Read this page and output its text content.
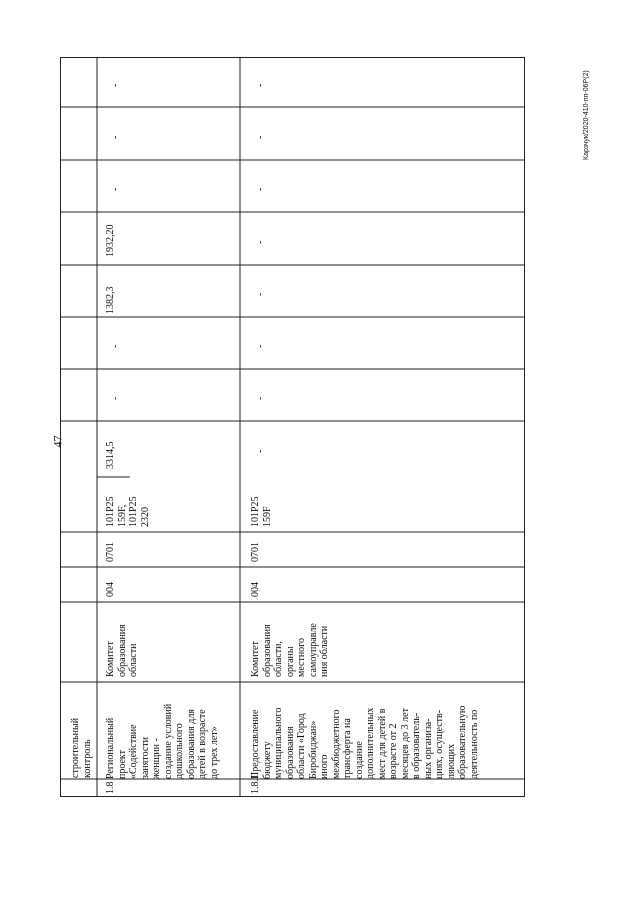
47
Карзчук/2020-410-пп-06Р(2)
строительный контроль
1.8
Региональный проект «Содействие занятости женщин - создание условий дошкольного образования для детей в возрасте до трех лет»
Комитет образования области
004
0701
101P25 159F, 101P25 2320
3314,5
-
-
1382,3
1932,20
-
-
-
1.8.1
Предоставление бюджету муниципального образования области «Город Биробиджан» иного межбюджетного трансферта на создание дополнительных мест для детей в возрасте от 2 месяцев до 3 лет в образователь- ных организа- циях, осуществ- ляющих образовательную деятельность по
Комитет образования области, органы местного самоуправле ния области
004
0701
101P25 159F
-
-
-
-
-
-
-
-
